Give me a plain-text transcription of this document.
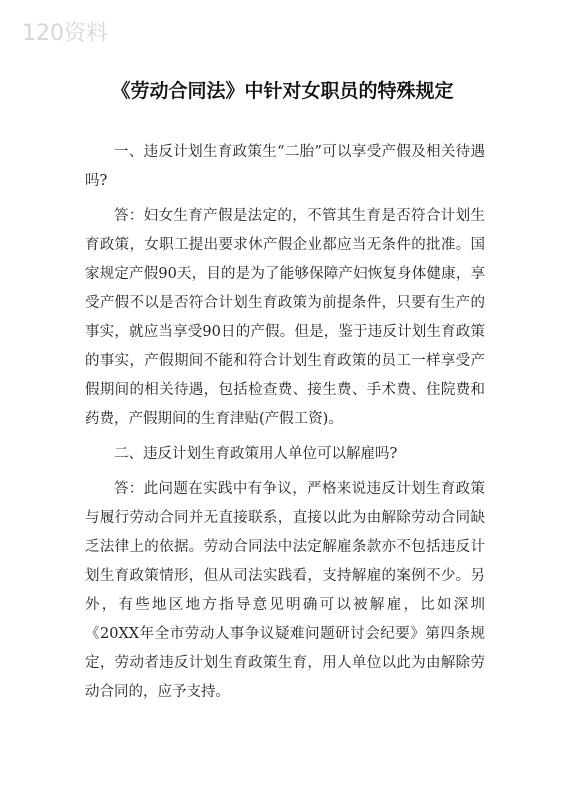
120资料
《劳动合同法》中针对女职员的特殊规定

一、违反计划生育政策生“二胎”可以享受产假及相关待遇吗?

答：妇女生育产假是法定的，不管其生育是否符合计划生育政策，女职工提出要求休产假企业都应当无条件的批准。国家规定产假90天，目的是为了能够保障产妇恢复身体健康，享受产假不以是否符合计划生育政策为前提条件，只要有生产的事实，就应当享受90日的产假。但是，鉴于违反计划生育政策的事实，产假期间不能和符合计划生育政策的员工一样享受产假期间的相关待遇，包括检查费、接生费、手术费、住院费和药费，产假期间的生育津贴(产假工资)。

二、违反计划生育政策用人单位可以解雇吗?

答：此问题在实践中有争议，严格来说违反计划生育政策与履行劳动合同并无直接联系，直接以此为由解除劳动合同缺乏法律上的依据。劳动合同法中法定解雇条款亦不包括违反计划生育政策情形，但从司法实践看，支持解雇的案例不少。另外，有些地区地方指导意见明确可以被解雇，比如深圳《20XX年全市劳动人事争议疑难问题研讨会纪要》第四条规定，劳动者违反计划生育政策生育，用人单位以此为由解除劳动合同的，应予支持。
